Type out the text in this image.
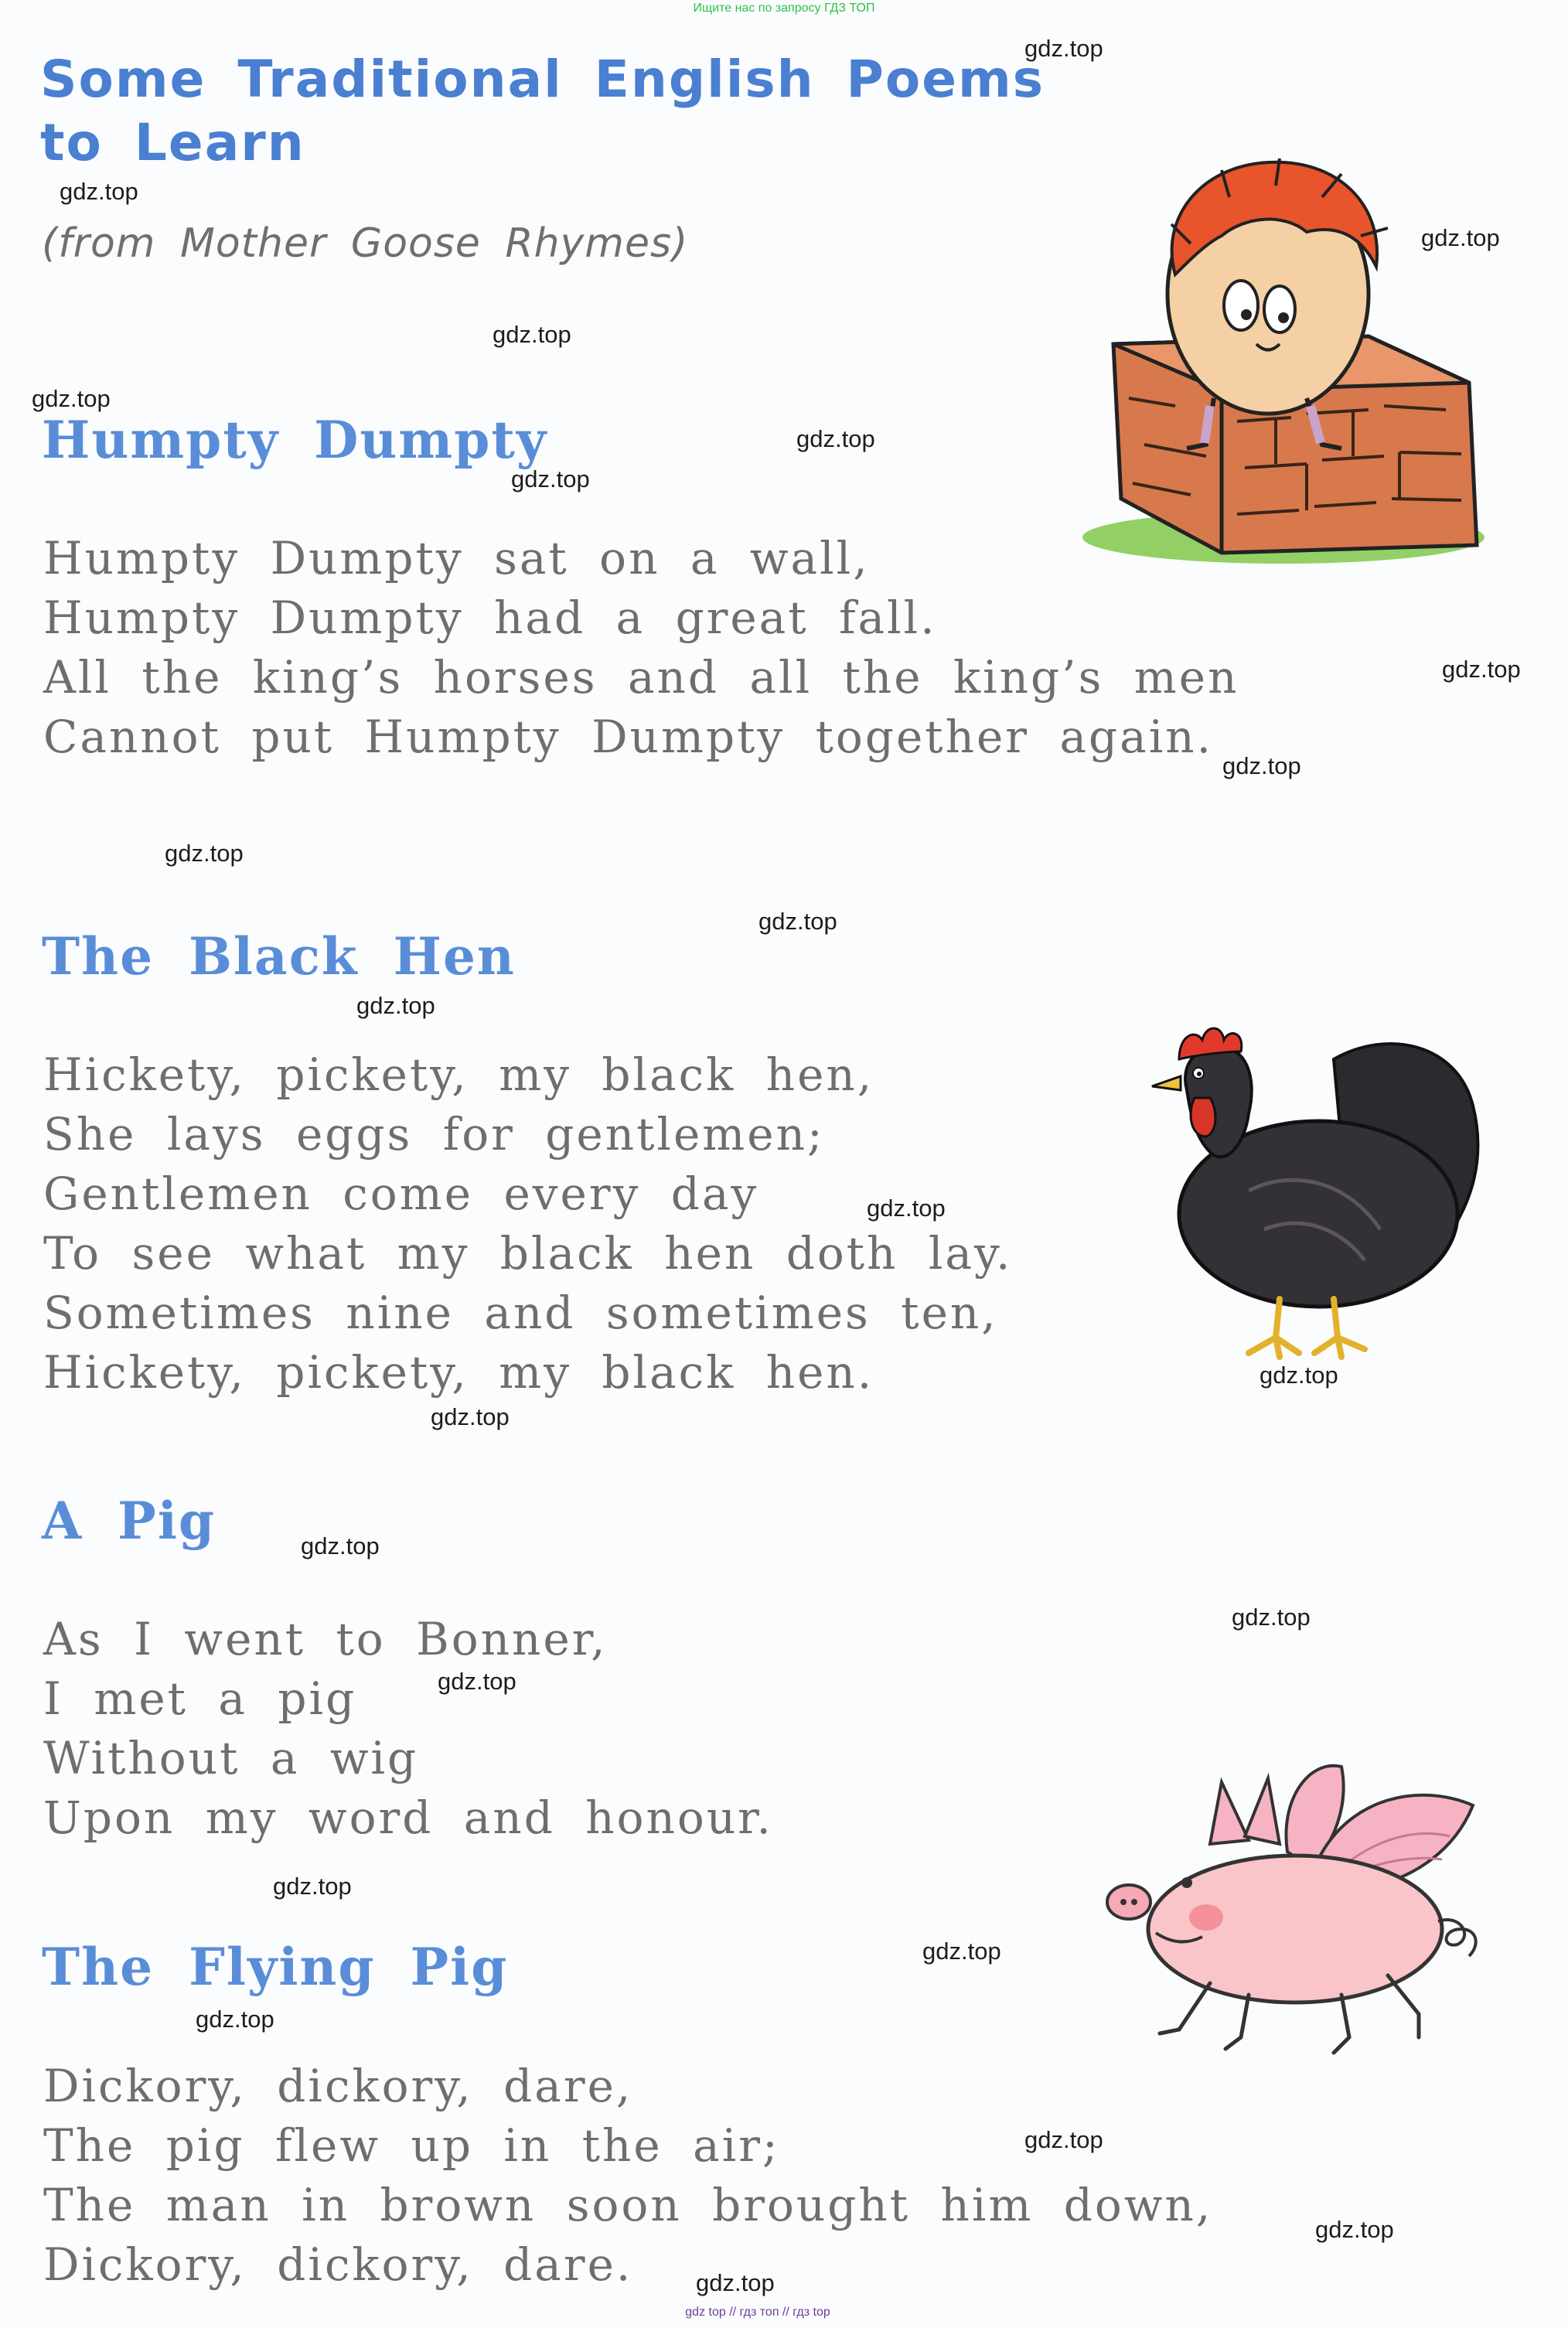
Ищите нас по запросу ГДЗ ТОП
Some Traditional English Poems to Learn

(from Mother Goose Rhymes)

Humpty Dumpty
Humpty Dumpty sat on a wall,
Humpty Dumpty had a great fall.
All the king’s horses and all the king’s men
Cannot put Humpty Dumpty together again.
The Black Hen
Hickety, pickety, my black hen,
She lays eggs for gentlemen;
Gentlemen come every day
To see what my black hen doth lay.
Sometimes nine and sometimes ten,
Hickety, pickety, my black hen.
A Pig
As I went to Bonner,
I met a pig
Without a wig
Upon my word and honour.
The Flying Pig
Dickory, dickory, dare,
The pig flew up in the air;
The man in brown soon brought him down,
Dickory, dickory, dare.
gdz.top
gdz.top
gdz.top
gdz.top
gdz.top
gdz.top
gdz.top
gdz.top
gdz.top
gdz.top
gdz.top
gdz.top
gdz.top
gdz.top
gdz.top
gdz.top
gdz.top
gdz.top
gdz.top
gdz.top
gdz.top
gdz.top
gdz.top
gdz.top
gdz top // гдз топ // гдз top
